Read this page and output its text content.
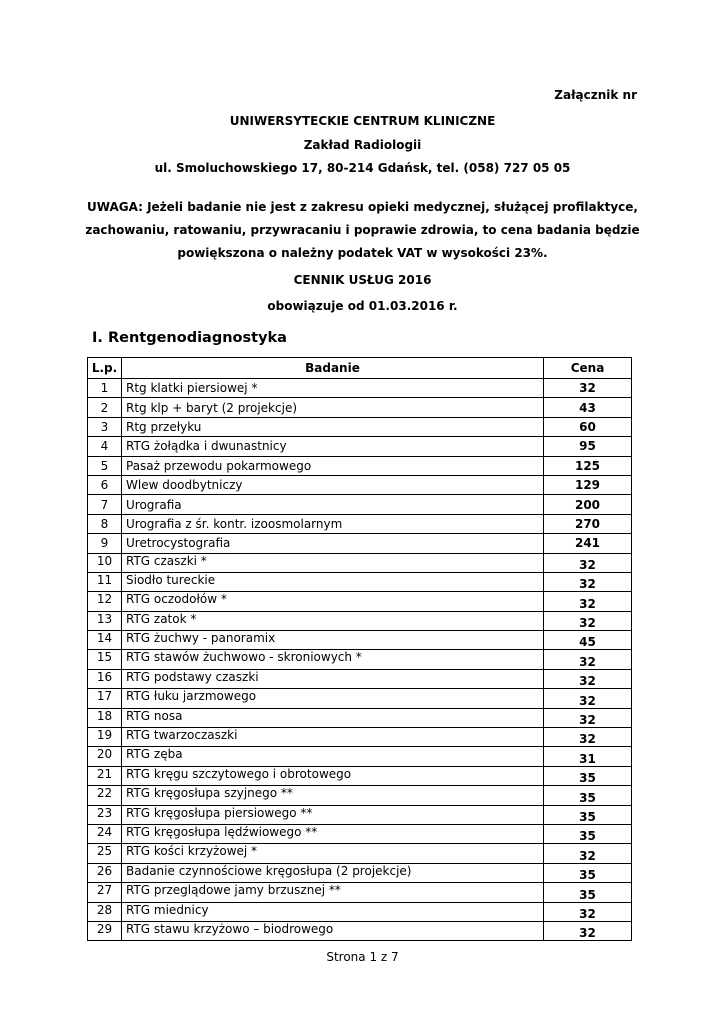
Załącznik nr
UNIWERSYTECKIE CENTRUM KLINICZNE
Zakład Radiologii
ul. Smoluchowskiego 17, 80-214 Gdańsk, tel. (058) 727 05 05
UWAGA: Jeżeli badanie nie jest z zakresu opieki medycznej, służącej profilaktyce,
zachowaniu, ratowaniu, przywracaniu i poprawie zdrowia, to cena badania będzie
powiększona o należny podatek VAT w wysokości 23%.
CENNIK USŁUG 2016
obowiązuje od 01.03.2016 r.
I. Rentgenodiagnostyka
L.p.	Badanie	Cena
1	Rtg klatki piersiowej *	32
2	Rtg klp + baryt (2 projekcje)	43
3	Rtg przełyku	60
4	RTG żołądka i dwunastnicy	95
5	Pasaż przewodu pokarmowego	125
6	Wlew doodbytniczy	129
7	Urografia	200
8	Urografia z śr. kontr. izoosmolarnym	270
9	Uretrocystografia	241
10	RTG czaszki *	32
11	Siodło tureckie	32
12	RTG oczodołów *	32
13	RTG zatok *	32
14	RTG żuchwy - panoramix	45
15	RTG stawów żuchwowo - skroniowych *	32
16	RTG podstawy czaszki	32
17	RTG łuku jarzmowego	32
18	RTG nosa	32
19	RTG twarzoczaszki	32
20	RTG zęba	31
21	RTG kręgu szczytowego i obrotowego	35
22	RTG kręgosłupa szyjnego **	35
23	RTG kręgosłupa piersiowego **	35
24	RTG kręgosłupa lędźwiowego **	35
25	RTG kości krzyżowej *	32
26	Badanie czynnościowe kręgosłupa (2 projekcje)	35
27	RTG przeglądowe jamy brzusznej **	35
28	RTG miednicy	32
29	RTG stawu krzyżowo – biodrowego	32
Strona 1 z 7
